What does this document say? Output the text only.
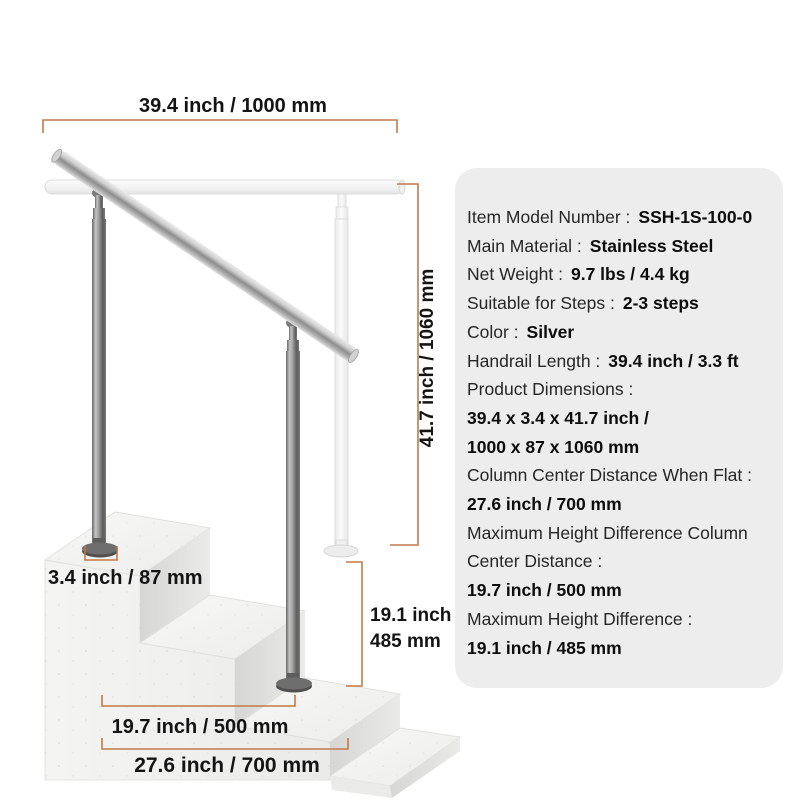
39.4 inch / 1000 mm
41.7 inch / 1060 mm
3.4 inch / 87 mm
19.1 inch
485 mm
19.7 inch / 500 mm
27.6 inch / 700 mm
Item Model Number : SSH-1S-100-0
Main Material : Stainless Steel
Net Weight : 9.7 lbs / 4.4 kg
Suitable for Steps : 2-3 steps
Color : Silver
Handrail Length : 39.4 inch / 3.3 ft
Product Dimensions :
39.4 x 3.4 x 41.7 inch /
1000 x 87 x 1060 mm
Column Center Distance When Flat :
27.6 inch / 700 mm
Maximum Height Difference Column
Center Distance :
19.7 inch / 500 mm
Maximum Height Difference :
19.1 inch / 485 mm
